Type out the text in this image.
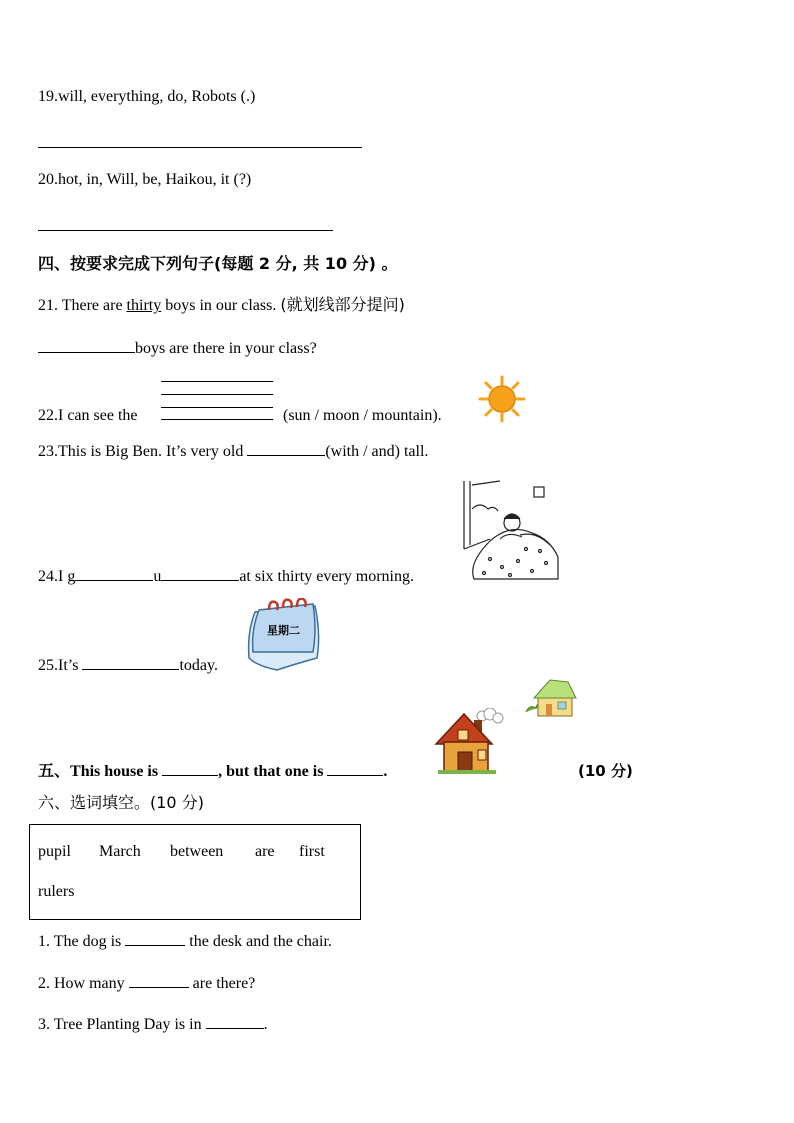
19.will, everything, do, Robots (.)
20.hot, in, Will, be, Haikou, it (?)
四、按要求完成下列句子(每题 2 分, 共 10 分) 。
21. There are thirty boys in our class. (就划线部分提问)
boys are there in your class?
22.I can see the	(sun / moon / mountain).
23.This is Big Ben. It’s very old	(with / and) tall.
24.I g	u	at six thirty every morning.
星期二
25.It’s	today.
五、This house is	, but that one is	.	(10 分)
六、选词填空。(10 分)
pupil March between are first
rulers
1. The dog is	the desk and the chair.
2. How many	are there?
3. Tree Planting Day is in	.
